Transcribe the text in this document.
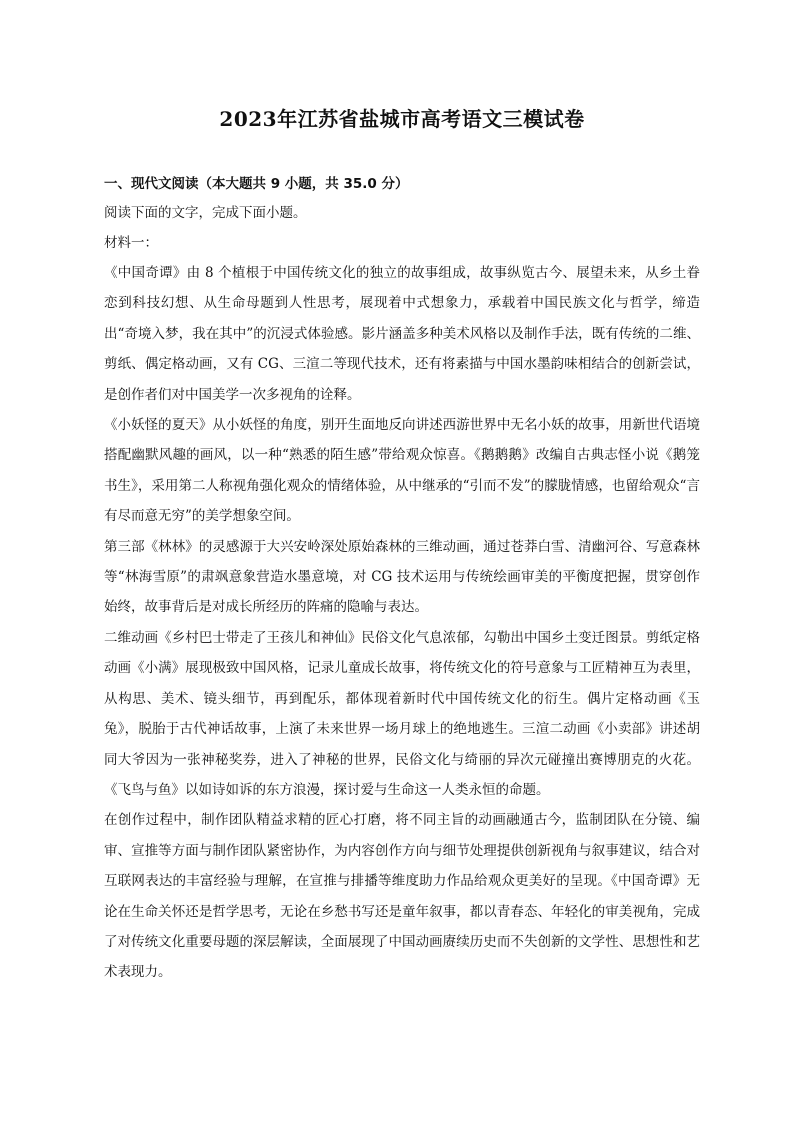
2023年江苏省盐城市高考语文三模试卷
一、现代文阅读（本大题共 9 小题，共 35.0 分）

阅读下面的文字，完成下面小题。

材料一：

《中国奇谭》由 8 个植根于中国传统文化的独立的故事组成，故事纵览古今、展望未来，从乡土眷恋到科技幻想、从生命母题到人性思考，展现着中式想象力，承载着中国民族文化与哲学，缔造出“奇境入梦，我在其中”的沉浸式体验感。影片涵盖多种美术风格以及制作手法，既有传统的二维、剪纸、偶定格动画，又有 CG、三渲二等现代技术，还有将素描与中国水墨韵味相结合的创新尝试，是创作者们对中国美学一次多视角的诠释。

《小妖怪的夏天》从小妖怪的角度，别开生面地反向讲述西游世界中无名小妖的故事，用新世代语境搭配幽默风趣的画风，以一种“熟悉的陌生感”带给观众惊喜。《鹅鹅鹅》改编自古典志怪小说《鹅笼书生》，采用第二人称视角强化观众的情绪体验，从中继承的“引而不发”的朦胧情感，也留给观众“言有尽而意无穷”的美学想象空间。

第三部《林林》的灵感源于大兴安岭深处原始森林的三维动画，通过苍莽白雪、清幽河谷、写意森林等“林海雪原”的肃飒意象营造水墨意境，对 CG 技术运用与传统绘画审美的平衡度把握，贯穿创作始终，故事背后是对成长所经历的阵痛的隐喻与表达。

二维动画《乡村巴士带走了王孩儿和神仙》民俗文化气息浓郁，勾勒出中国乡土变迁图景。剪纸定格动画《小满》展现极致中国风格，记录儿童成长故事，将传统文化的符号意象与工匠精神互为表里，从构思、美术、镜头细节，再到配乐，都体现着新时代中国传统文化的衍生。偶片定格动画《玉兔》，脱胎于古代神话故事，上演了未来世界一场月球上的绝地逃生。三渲二动画《小卖部》讲述胡同大爷因为一张神秘奖券，进入了神秘的世界，民俗文化与绮丽的异次元碰撞出赛博朋克的火花。《飞鸟与鱼》以如诗如诉的东方浪漫，探讨爱与生命这一人类永恒的命题。

在创作过程中，制作团队精益求精的匠心打磨，将不同主旨的动画融通古今，监制团队在分镜、编审、宣推等方面与制作团队紧密协作，为内容创作方向与细节处理提供创新视角与叙事建议，结合对互联网表达的丰富经验与理解，在宣推与排播等维度助力作品给观众更美好的呈现。《中国奇谭》无论在生命关怀还是哲学思考，无论在乡愁书写还是童年叙事，都以青春态、年轻化的审美视角，完成了对传统文化重要母题的深层解读，全面展现了中国动画赓续历史而不失创新的文学性、思想性和艺术表现力。
